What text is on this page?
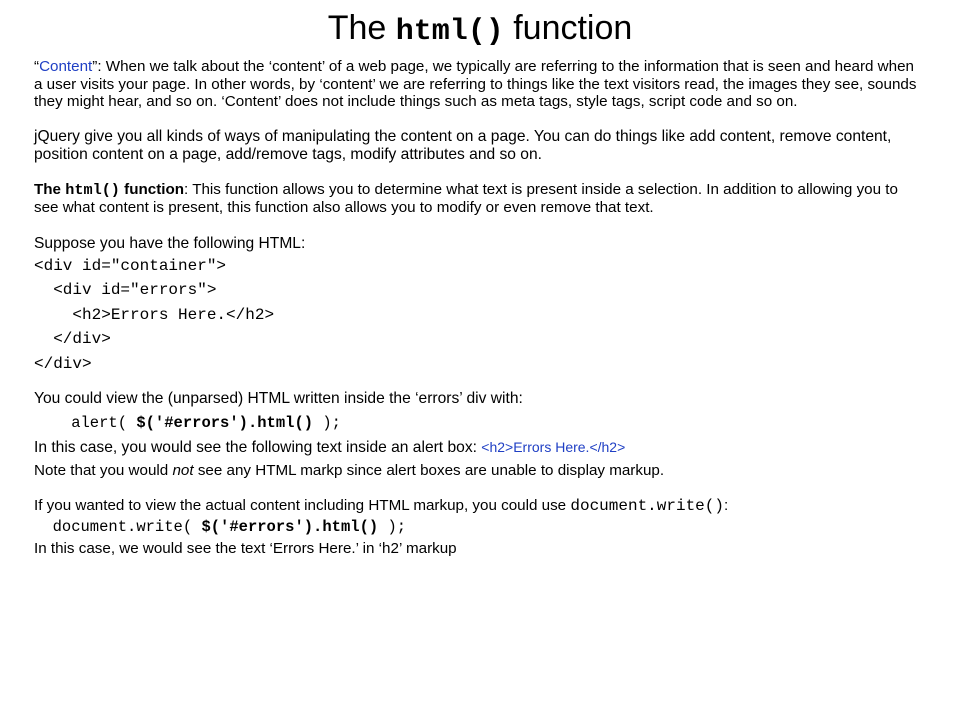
The html() function

“Content”: When we talk about the ‘content’ of a web page, we typically are referring to the information that is seen and heard when a user visits your page. In other words, by ‘content’ we are referring to things like the text visitors read, the images they see, sounds they might hear, and so on. ‘Content’ does not include things such as meta tags, style tags, script code and so on.

jQuery give you all kinds of ways of manipulating the content on a page. You can do things like add content, remove content, position content on a page, add/remove tags, modify attributes and so on.

The html() function: This function allows you to determine what text is present inside a selection. In addition to allowing you to see what content is present, this function also allows you to modify or even remove that text.

Suppose you have the following HTML:

<div id="container">
<div id="errors">
<h2>Errors Here.</h2>
</div>
</div>

You could view the (unparsed) HTML written inside the ‘errors’ div with:

alert( $('#errors').html() );

In this case, you would see the following text inside an alert box: <h2>Errors Here.</h2>

Note that you would not see any HTML markp since alert boxes are unable to display markup.

If you wanted to view the actual content including HTML markup, you could use document.write():

document.write( $('#errors').html() );

In this case, we would see the text ‘Errors Here.’ in ‘h2’ markup
